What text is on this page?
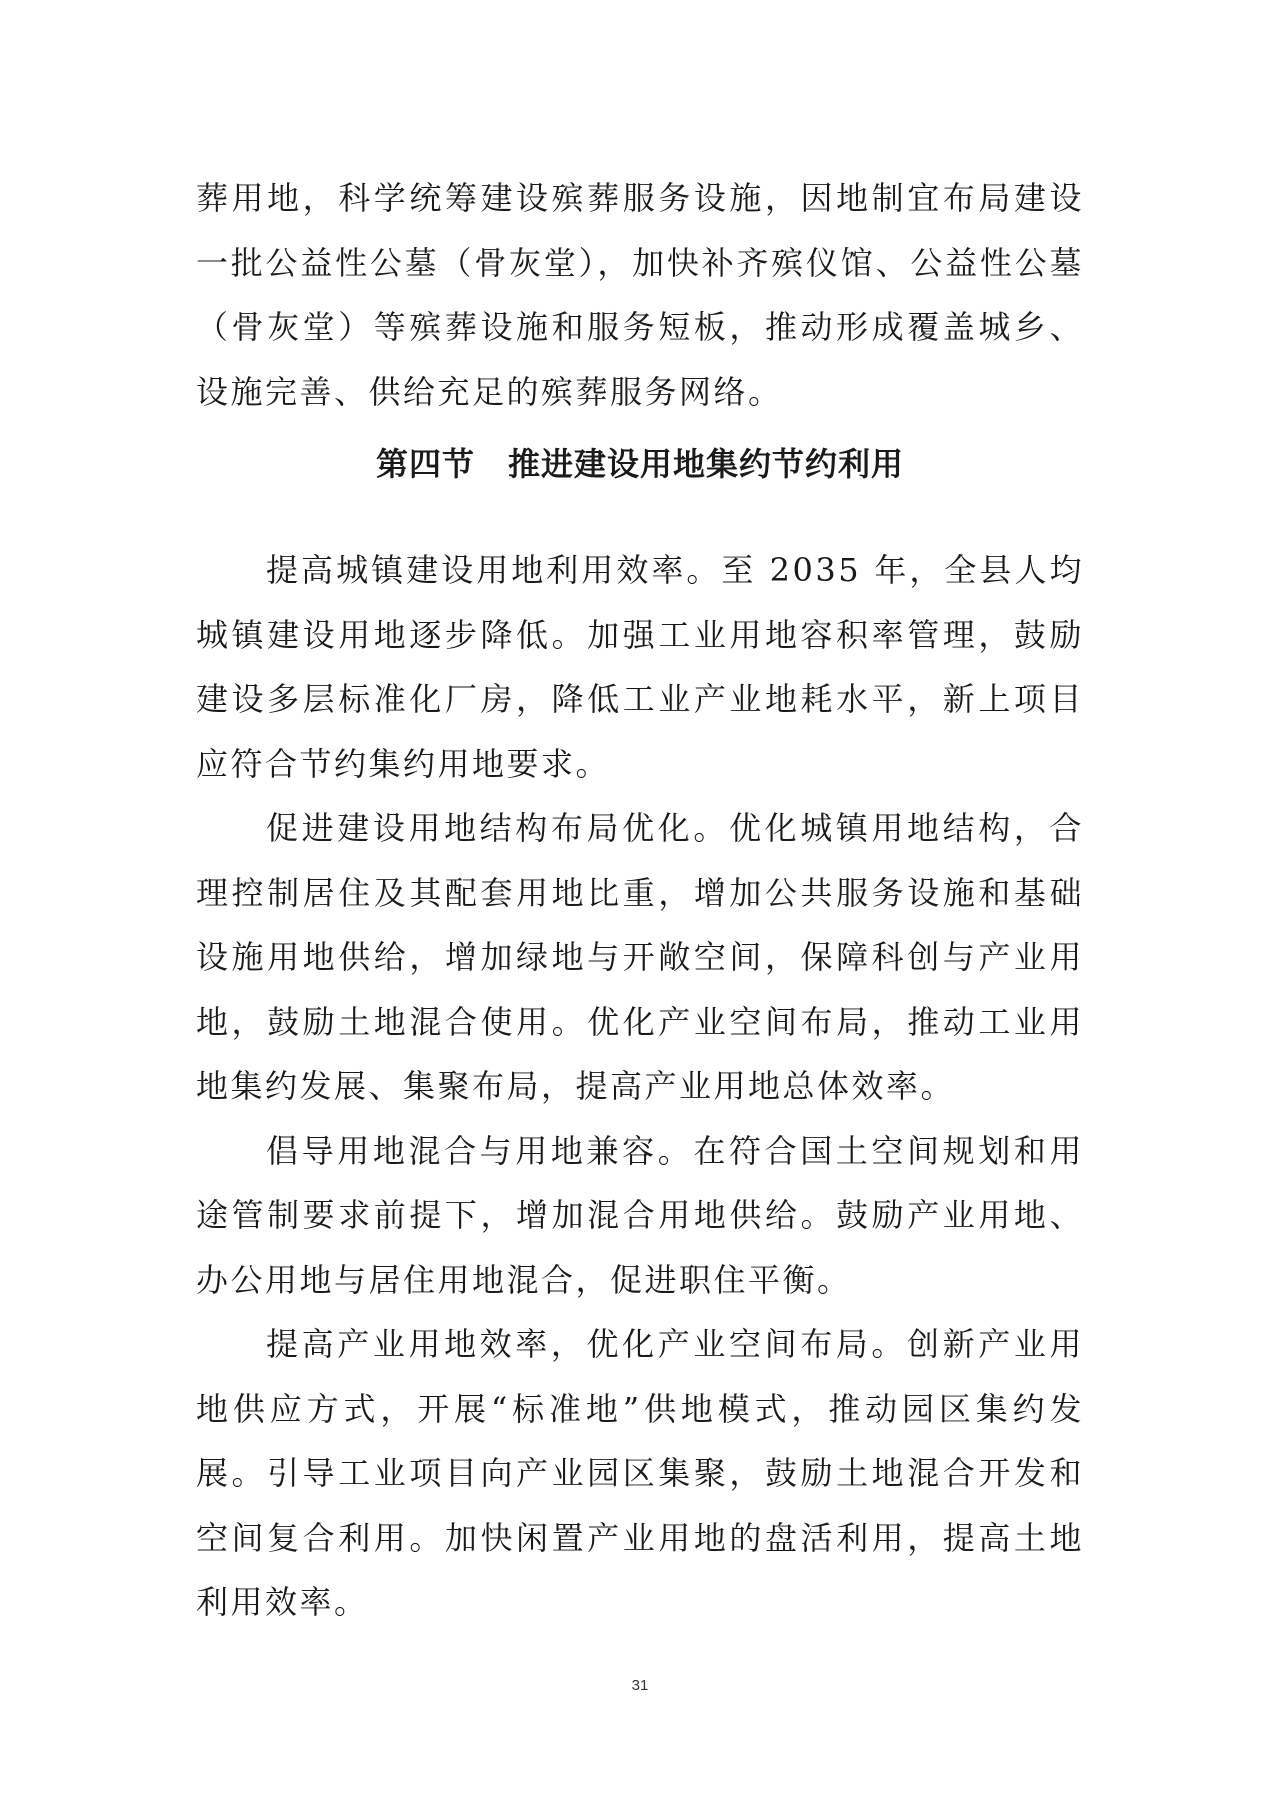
葬用地，科学统筹建设殡葬服务设施，因地制宜布局建设一批公益性公墓（骨灰堂），加快补齐殡仪馆、公益性公墓（骨灰堂）等殡葬设施和服务短板，推动形成覆盖城乡、设施完善、供给充足的殡葬服务网络。

第四节　推进建设用地集约节约利用

提高城镇建设用地利用效率。至 2035 年，全县人均城镇建设用地逐步降低。加强工业用地容积率管理，鼓励建设多层标准化厂房，降低工业产业地耗水平，新上项目应符合节约集约用地要求。

促进建设用地结构布局优化。优化城镇用地结构，合理控制居住及其配套用地比重，增加公共服务设施和基础设施用地供给，增加绿地与开敞空间，保障科创与产业用地，鼓励土地混合使用。优化产业空间布局，推动工业用地集约发展、集聚布局，提高产业用地总体效率。

倡导用地混合与用地兼容。在符合国土空间规划和用途管制要求前提下，增加混合用地供给。鼓励产业用地、办公用地与居住用地混合，促进职住平衡。

提高产业用地效率，优化产业空间布局。创新产业用地供应方式，开展“标准地”供地模式，推动园区集约发展。引导工业项目向产业园区集聚，鼓励土地混合开发和空间复合利用。加快闲置产业用地的盘活利用，提高土地利用效率。

31
